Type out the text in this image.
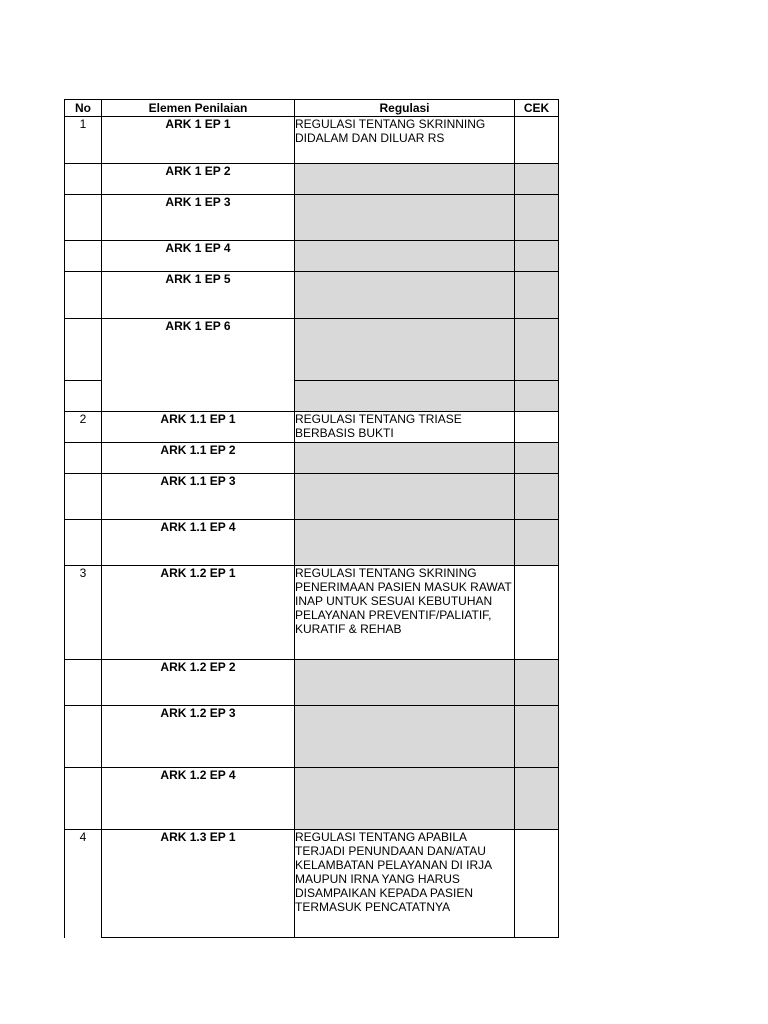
No	Elemen Penilaian	Regulasi	CEK
1	ARK 1 EP 1	REGULASI TENTANG SKRINNING DIDALAM DAN DILUAR RS	
	ARK 1 EP 2		
	ARK 1 EP 3		
	ARK 1 EP 4		
	ARK 1 EP 5		
	ARK 1 EP 6		

2	ARK 1.1 EP 1	REGULASI TENTANG TRIASE BERBASIS BUKTI	
	ARK 1.1 EP 2		
	ARK 1.1 EP 3		
	ARK 1.1 EP 4		
3	ARK 1.2 EP 1	REGULASI TENTANG SKRINING PENERIMAAN PASIEN MASUK RAWAT INAP UNTUK SESUAI KEBUTUHAN PELAYANAN PREVENTIF/PALIATIF, KURATIF & REHAB	
	ARK 1.2 EP 2		
	ARK 1.2 EP 3		
	ARK 1.2 EP 4		
4	ARK 1.3 EP 1	REGULASI TENTANG APABILA TERJADI PENUNDAAN DAN/ATAU KELAMBATAN PELAYANAN DI IRJA MAUPUN IRNA YANG HARUS DISAMPAIKAN KEPADA PASIEN TERMASUK PENCATATNYA	
